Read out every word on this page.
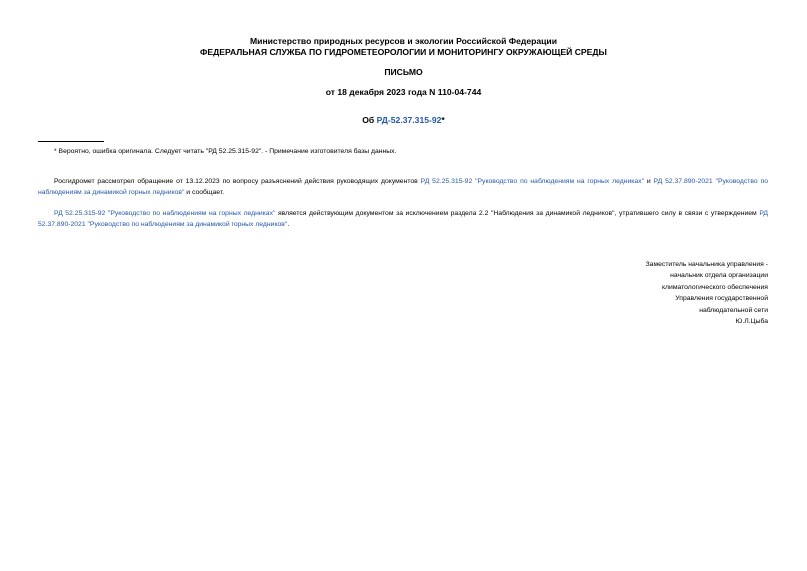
Министерство природных ресурсов и экологии Российской Федерации
ФЕДЕРАЛЬНАЯ СЛУЖБА ПО ГИДРОМЕТЕОРОЛОГИИ И МОНИТОРИНГУ ОКРУЖАЮЩЕЙ СРЕДЫ
ПИСЬМО
от 18 декабря 2023 года N 110-04-744
Об РД-52.37.315-92*
* Вероятно, ошибка оригинала. Следует читать "РД 52.25.315-92". - Примечание изготовителя базы данных.
Росгидромет рассмотрел обращение от 13.12.2023 по вопросу разъяснений действия руководящих документов РД 52.25.315-92 "Руководство по наблюдениям на горных ледниках" и РД 52.37.890-2021 "Руководство по наблюдениям за динамикой горных ледников" и сообщает.
РД 52.25.315-92 "Руководство по наблюдениям на горных ледниках" является действующим документом за исключением раздела 2.2 "Наблюдения за динамикой ледников", утратившего силу в связи с утверждением РД 52.37.890-2021 "Руководство по наблюдениям за динамикой горных ледников".
Заместитель начальника управления -
начальник отдела организации
климатологического обеспечения
Управления государственной
наблюдательной сети
Ю.Л.Цыба
